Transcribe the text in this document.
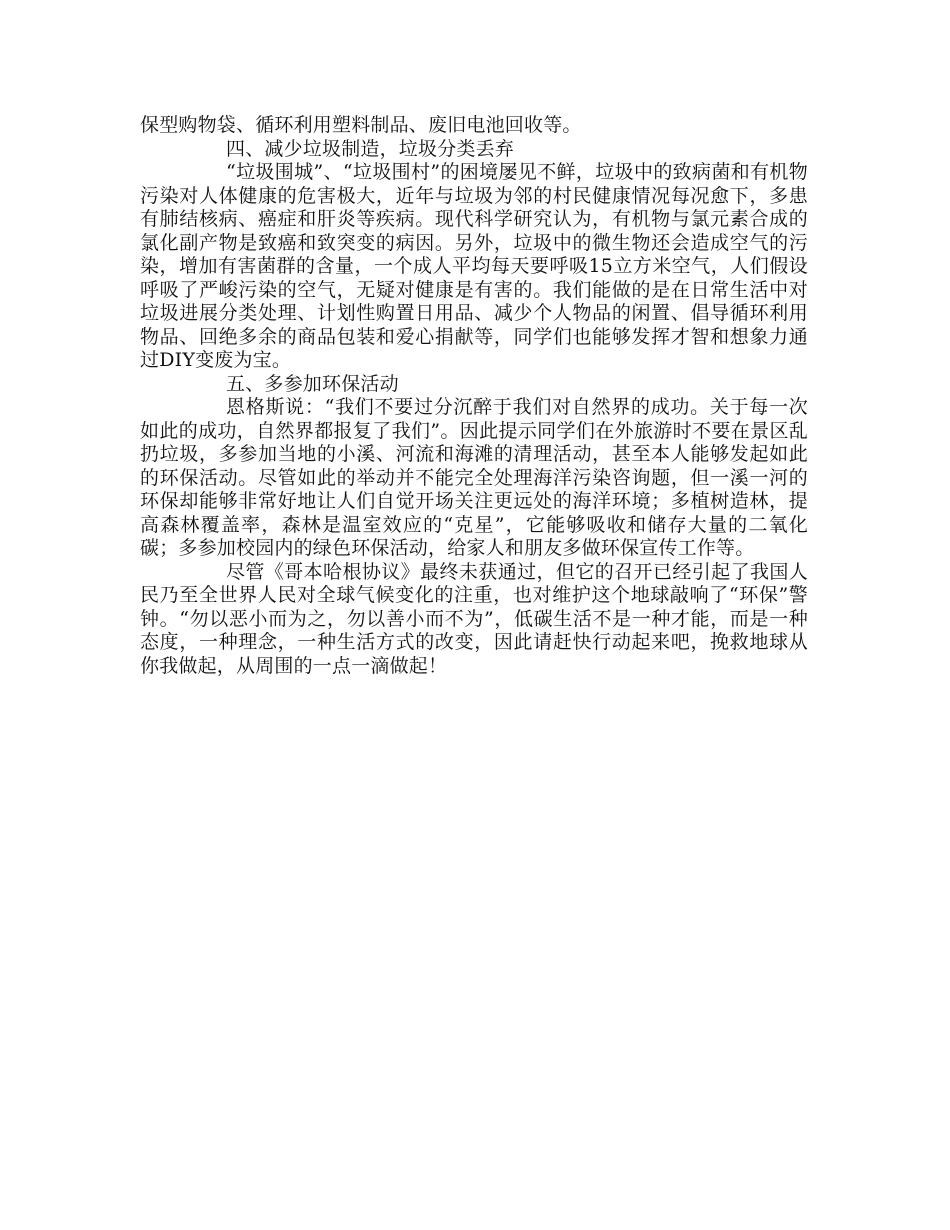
保型购物袋、循环利用塑料制品、废旧电池回收等。

四、减少垃圾制造，垃圾分类丢弃

“垃圾围城”、“垃圾围村”的困境屡见不鲜，垃圾中的致病菌和有机物污染对人体健康的危害极大，近年与垃圾为邻的村民健康情况每况愈下，多患有肺结核病、癌症和肝炎等疾病。现代科学研究认为，有机物与氯元素合成的氯化副产物是致癌和致突变的病因。另外，垃圾中的微生物还会造成空气的污染，增加有害菌群的含量，一个成人平均每天要呼吸15立方米空气，人们假设呼吸了严峻污染的空气，无疑对健康是有害的。我们能做的是在日常生活中对垃圾进展分类处理、计划性购置日用品、减少个人物品的闲置、倡导循环利用物品、回绝多余的商品包装和爱心捐献等，同学们也能够发挥才智和想象力通过DIY变废为宝。

五、多参加环保活动

恩格斯说：“我们不要过分沉醉于我们对自然界的成功。关于每一次如此的成功，自然界都报复了我们”。因此提示同学们在外旅游时不要在景区乱扔垃圾，多参加当地的小溪、河流和海滩的清理活动，甚至本人能够发起如此的环保活动。尽管如此的举动并不能完全处理海洋污染咨询题，但一溪一河的环保却能够非常好地让人们自觉开场关注更远处的海洋环境；多植树造林，提高森林覆盖率，森林是温室效应的“克星”，它能够吸收和储存大量的二氧化碳；多参加校园内的绿色环保活动，给家人和朋友多做环保宣传工作等。

尽管《哥本哈根协议》最终未获通过，但它的召开已经引起了我国人民乃至全世界人民对全球气候变化的注重，也对维护这个地球敲响了“环保”警钟。“勿以恶小而为之，勿以善小而不为”，低碳生活不是一种才能，而是一种态度，一种理念，一种生活方式的改变，因此请赶快行动起来吧，挽救地球从你我做起，从周围的一点一滴做起！
